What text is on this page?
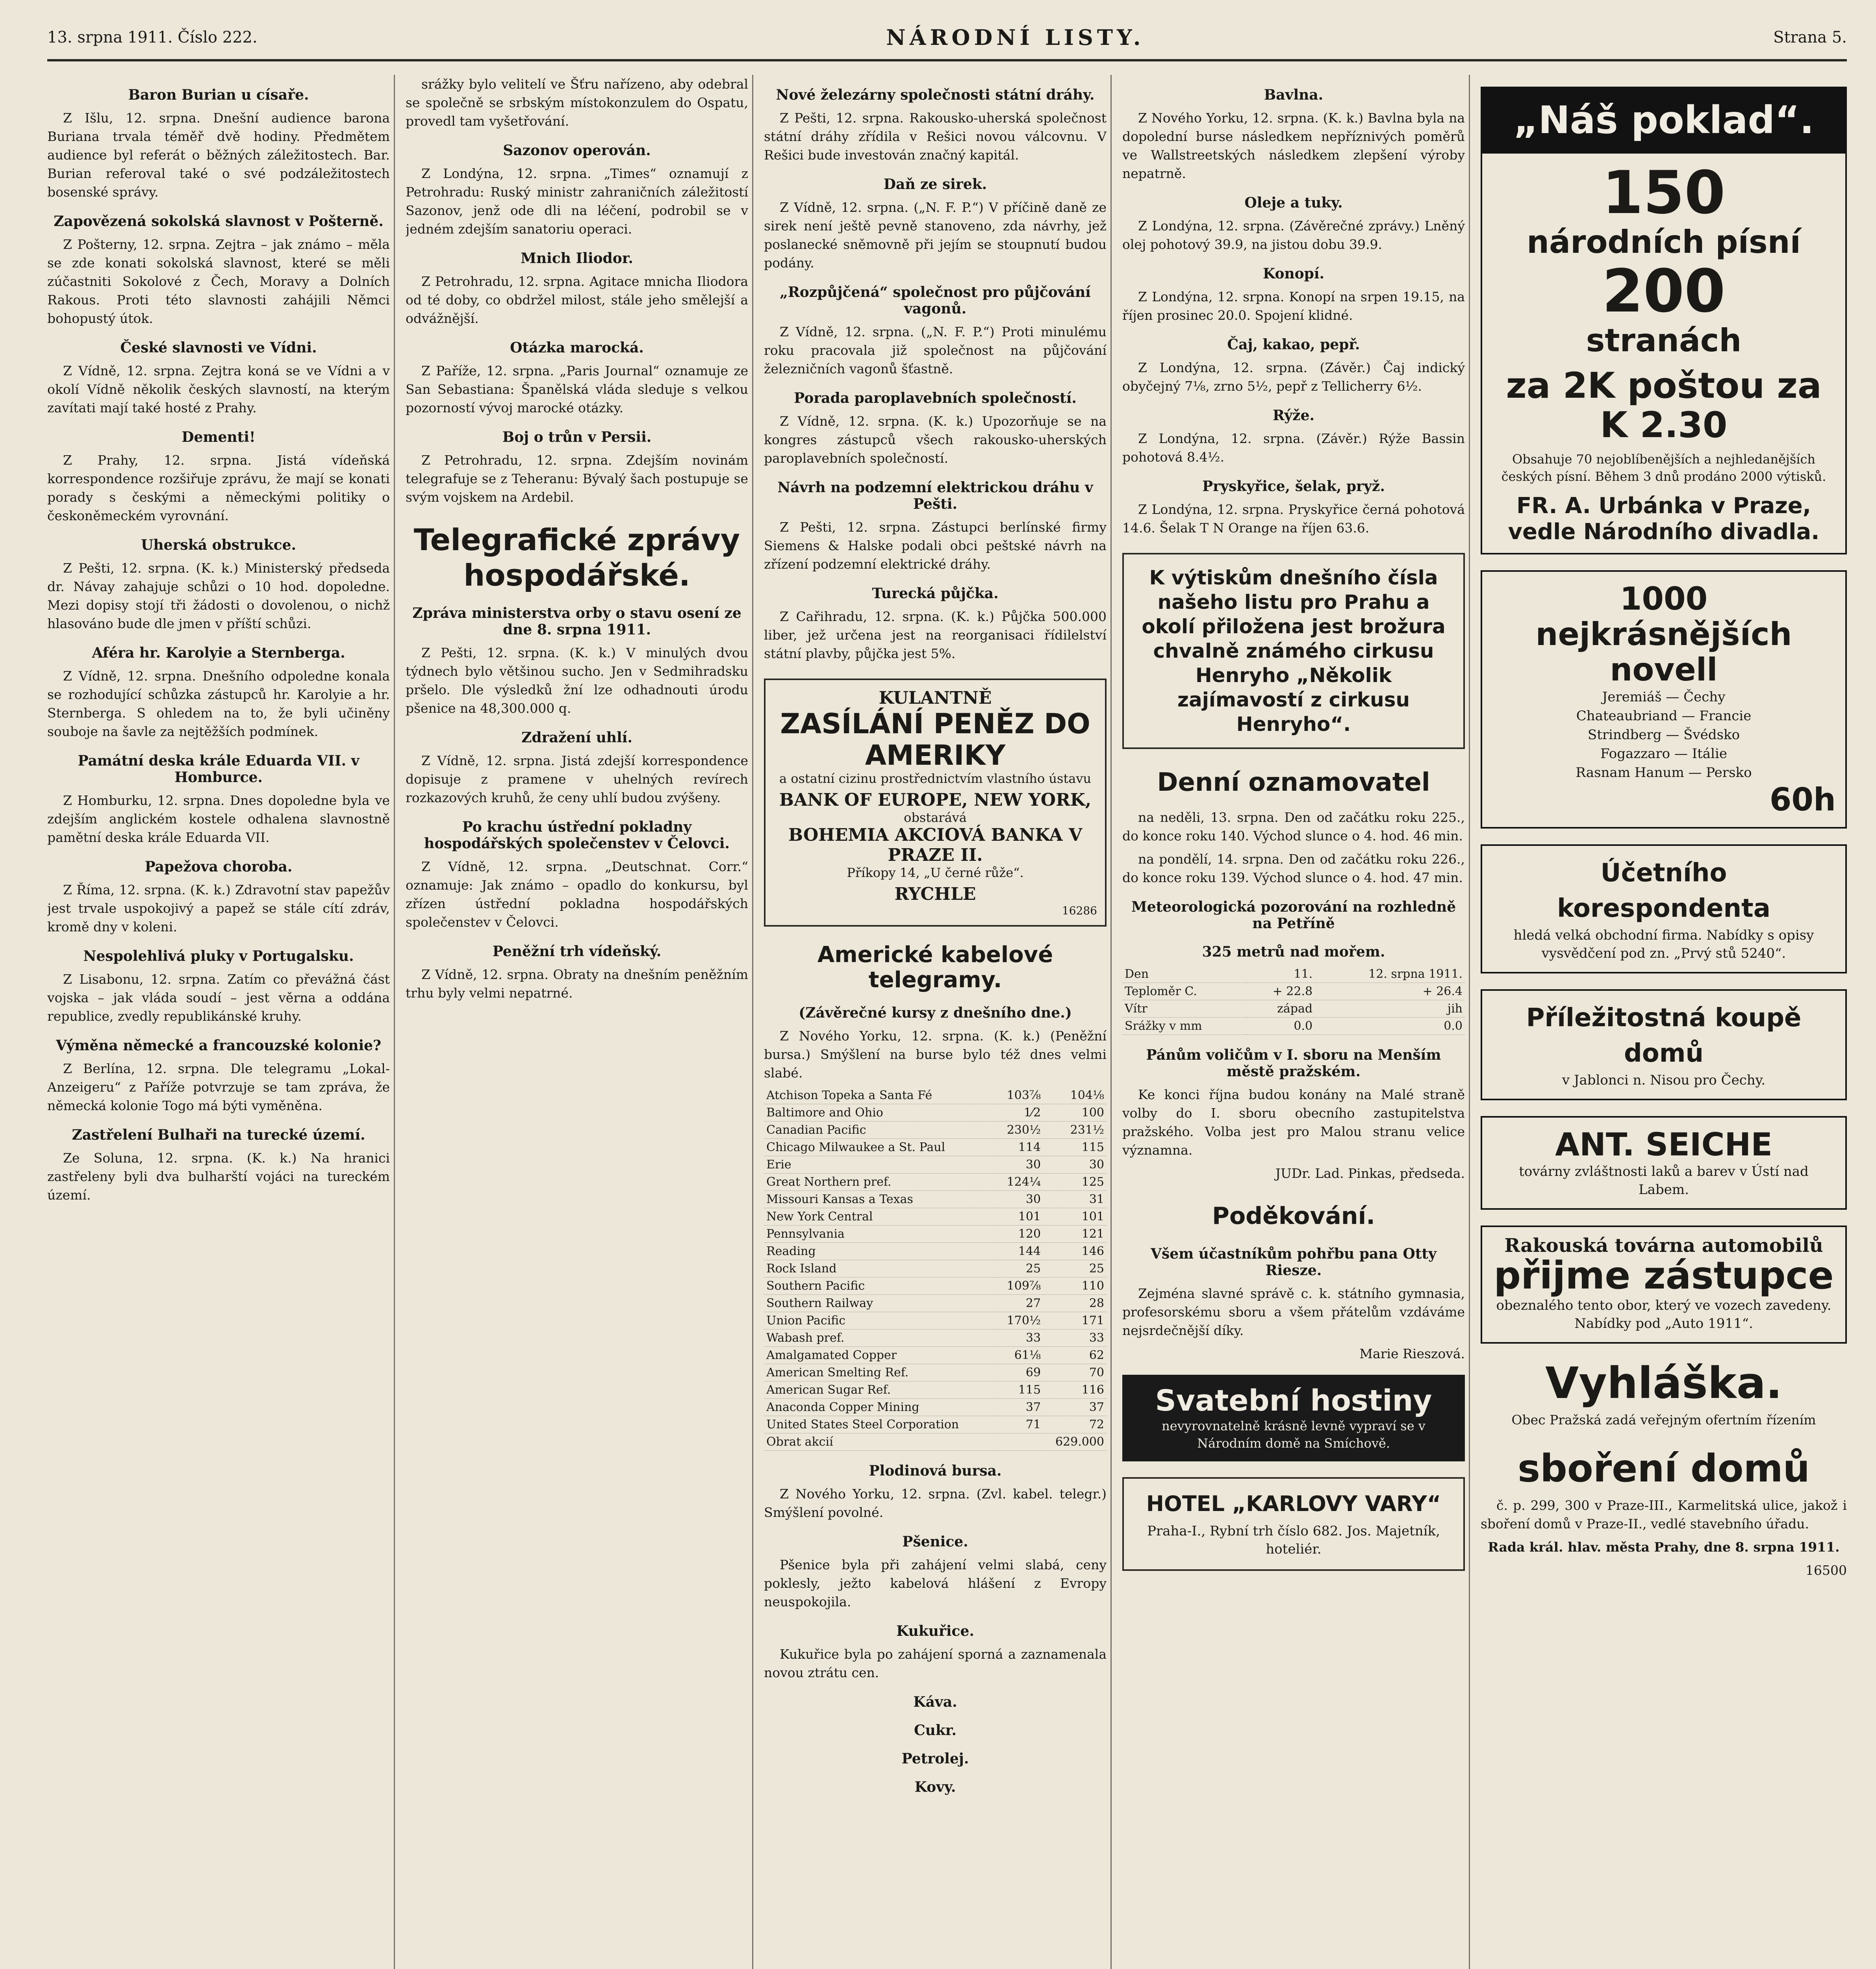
13. srpna 1911. Číslo 222.	NÁRODNÍ LISTY.	Strana 5.
Baron Burian u císaře.

Z Išlu, 12. srpna. Dnešní audience barona Buriana trvala téměř dvě hodiny. Předmětem audience byl referát o běžných záležitostech. Bar. Burian referoval také o své podzáležitostech bosenské správy.

Zapovězená sokolská slavnost v Pošterně.

Z Pošterny, 12. srpna. Zejtra – jak známo – měla se zde konati sokolská slavnost, které se měli zúčastniti Sokolové z Čech, Moravy a Dolních Rakous. Proti této slavnosti zahájili Němci bohopustý útok.

České slavnosti ve Vídni.

Z Vídně, 12. srpna. Zejtra koná se ve Vídni a v okolí Vídně několik českých slavností, na kterým zavítati mají také hosté z Prahy.

Dementi!

Z Prahy, 12. srpna. Jistá vídeňská korrespondence rozšiřuje zprávu, že mají se konati porady s českými a německými politiky o českoněmeckém vyrovnání.

Uherská obstrukce.

Z Pešti, 12. srpna. (K. k.) Ministerský předseda dr. Návay zahajuje schůzi o 10 hod. dopoledne. Mezi dopisy stojí tři žádosti o dovolenou, o nichž hlasováno bude dle jmen v příští schůzi.

Aféra hr. Karolyie a Sternberga.

Z Vídně, 12. srpna. Dnešního odpoledne konala se rozhodující schůzka zástupců hr. Karolyie a hr. Sternberga. S ohledem na to, že byli učiněny souboje na šavle za nejtěžších podmínek.

Památní deska krále Eduarda VII. v Homburce.

Z Homburku, 12. srpna. Dnes dopoledne byla ve zdejším anglickém kostele odhalena slavnostně pamětní deska krále Eduarda VII.

Papežova choroba.

Z Říma, 12. srpna. (K. k.) Zdravotní stav papežův jest trvale uspokojivý a papež se stále cítí zdráv, kromě dny v koleni.

Nespolehlivá pluky v Portugalsku.

Z Lisabonu, 12. srpna. Zatím co převážná část vojska – jak vláda soudí – jest věrna a oddána republice, zvedly republikánské kruhy.

Výměna německé a francouzské kolonie?

Z Berlína, 12. srpna. Dle telegramu „Lokal-Anzeigeru“ z Paříže potvrzuje se tam zpráva, že německá kolonie Togo má býti vyměněna.

Zastřelení Bulhaři na turecké území.

Ze Soluna, 12. srpna. (K. k.) Na hranici zastřeleny byli dva bulharští vojáci na tureckém území.

srážky bylo velitelí ve Šťru nařízeno, aby odebral se společně se srbským místokonzulem do Ospatu, provedl tam vyšetřování.

Sazonov operován.

Z Londýna, 12. srpna. „Times“ oznamují z Petrohradu: Ruský ministr zahraničních záležitostí Sazonov, jenž ode dli na léčení, podrobil se v jedném zdejším sanatoriu operaci.

Mnich Iliodor.

Z Petrohradu, 12. srpna. Agitace mnicha Iliodora od té doby, co obdržel milost, stále jeho smělejší a odvážnější.

Otázka marocká.

Z Paříže, 12. srpna. „Paris Journal“ oznamuje ze San Sebastiana: Španělská vláda sleduje s velkou pozorností vývoj marocké otázky.

Boj o trůn v Persii.

Z Petrohradu, 12. srpna. Zdejším novinám telegrafuje se z Teheranu: Bývalý šach postupuje se svým vojskem na Ardebil.

Telegrafické zprávy hospodářské.
Zpráva ministerstva orby o stavu osení ze dne 8. srpna 1911.

Z Pešti, 12. srpna. (K. k.) V minulých dvou týdnech bylo většinou sucho. Jen v Sedmihradsku pršelo. Dle výsledků žní lze odhadnouti úrodu pšenice na 48,300.000 q.

Zdražení uhlí.

Z Vídně, 12. srpna. Jistá zdejší korrespondence dopisuje z pramene v uhelných revírech rozkazových kruhů, že ceny uhlí budou zvýšeny.

Po krachu ústřední pokladny hospodářských společenstev v Čelovci.

Z Vídně, 12. srpna. „Deutschnat. Corr.“ oznamuje: Jak známo – opadlo do konkursu, byl zřízen ústřední pokladna hospodářských společenstev v Čelovci.

Peněžní trh vídeňský.

Z Vídně, 12. srpna. Obraty na dnešním peněžním trhu byly velmi nepatrné.

Nové železárny společnosti státní dráhy.

Z Pešti, 12. srpna. Rakousko-uherská společnost státní dráhy zřídila v Rešici novou válcovnu. V Rešici bude investován značný kapitál.

Daň ze sirek.

Z Vídně, 12. srpna. („N. F. P.“) V příčině daně ze sirek není ještě pevně stanoveno, zda návrhy, jež poslanecké sněmovně při jejím se stoupnutí budou podány.

„Rozpůjčená“ společnost pro půjčování vagonů.

Z Vídně, 12. srpna. („N. F. P.“) Proti minulému roku pracovala již společnost na půjčování železničních vagonů šťastně.

Porada paroplavebních společností.

Z Vídně, 12. srpna. (K. k.) Upozorňuje se na kongres zástupců všech rakousko-uherských paroplavebních společností.

Návrh na podzemní elektrickou dráhu v Pešti.

Z Pešti, 12. srpna. Zástupci berlínské firmy Siemens & Halske podali obci peštské návrh na zřízení podzemní elektrické dráhy.

Turecká půjčka.

Z Cařihradu, 12. srpna. (K. k.) Půjčka 500.000 liber, jež určena jest na reorganisaci řídilelství státní plavby, půjčka jest 5%.

KULANTNĚ
ZASÍLÁNÍ PENĚZ DO AMERIKY
a ostatní cizinu prostřednictvím vlastního ústavu
BANK OF EUROPE, NEW YORK,
obstarává
BOHEMIA AKCIOVÁ BANKA V PRAZE II.
Příkopy 14, „U černé růže“.
RYCHLE
16286
Americké kabelové telegramy.
(Závěrečné kursy z dnešního dne.)

Z Nového Yorku, 12. srpna. (K. k.) (Peněžní bursa.) Smýšlení na burse bylo též dnes velmi slabé.

Atchison Topeka a Santa Fé	103⅞	104⅛
Baltimore and Ohio	1⁄2	100
Canadian Pacific	230½	231½
Chicago Milwaukee a St. Paul	114	115
Erie	30	30
Great Northern pref.	124¼	125
Missouri Kansas a Texas	30	31
New York Central	101	101
Pennsylvania	120	121
Reading	144	146
Rock Island	25	25
Southern Pacific	109⅞	110
Southern Railway	27	28
Union Pacific	170½	171
Wabash pref.	33	33
Amalgamated Copper	61⅛	62
American Smelting Ref.	69	70
American Sugar Ref.	115	116
Anaconda Copper Mining	37	37
United States Steel Corporation	71	72
Obrat akcií		629.000
Plodinová bursa.

Z Nového Yorku, 12. srpna. (Zvl. kabel. telegr.) Smýšlení povolné.

Pšenice.

Pšenice byla při zahájení velmi slabá, ceny poklesly, ježto kabelová hlášení z Evropy neuspokojila.

Kukuřice.

Kukuřice byla po zahájení sporná a zaznamenala novou ztrátu cen.

Káva.
Cukr.
Petrolej.
Kovy.
Bavlna.

Z Nového Yorku, 12. srpna. (K. k.) Bavlna byla na dopolední burse následkem nepříznivých poměrů ve Wallstreetských následkem zlepšení výroby nepatrně.

Oleje a tuky.

Z Londýna, 12. srpna. (Závěrečné zprávy.) Lněný olej pohotový 39.9, na jistou dobu 39.9.

Konopí.

Z Londýna, 12. srpna. Konopí na srpen 19.15, na říjen prosinec 20.0. Spojení klidné.

Čaj, kakao, pepř.

Z Londýna, 12. srpna. (Závěr.) Čaj indický obyčejný 7⅛, zrno 5½, pepř z Tellicherry 6½.

Rýže.

Z Londýna, 12. srpna. (Závěr.) Rýže Bassin pohotová 8.4½.

Pryskyřice, šelak, pryž.

Z Londýna, 12. srpna. Pryskyřice černá pohotová 14.6. Šelak T N Orange na říjen 63.6.

K výtiskům dnešního čísla našeho listu pro Prahu a okolí přiložena jest brožura chvalně známého cirkusu Henryho „Několik zajímavostí z cirkusu Henryho“.
Denní oznamovatel

na neděli, 13. srpna. Den od začátku roku 225., do konce roku 140. Východ slunce o 4. hod. 46 min.

na pondělí, 14. srpna. Den od začátku roku 226., do konce roku 139. Východ slunce o 4. hod. 47 min.

Meteorologická pozorování na rozhledně na Petříně
325 metrů nad mořem.
Den	11.	12. srpna 1911.
Teploměr C.	+ 22.8	+ 26.4
Vítr	západ	jih
Srážky v mm	0.0	0.0
Pánům voličům v I. sboru na Menším městě pražském.

Ke konci října budou konány na Malé straně volby do I. sboru obecního zastupitelstva pražského. Volba jest pro Malou stranu velice významna.

JUDr. Lad. Pinkas, předseda.

Poděkování.
Všem účastníkům pohřbu pana Otty Riesze.

Zejména slavné správě c. k. státního gymnasia, profesorskému sboru a všem přátelům vzdáváme nejsrdečnější díky.

Marie Rieszová.

Svatební hostiny
nevyrovnatelně krásně levně vypraví se v Národním domě na Smíchově.
HOTEL „KARLOVY VARY“
Praha-I., Rybní trh číslo 682. Jos. Majetník, hoteliér.
„Náš poklad“.
150
národních písní
200
stranách
za 2K poštou za K 2.30
Obsahuje 70 nejoblíbenějších a nejhledanějších českých písní. Během 3 dnů prodáno 2000 výtisků.
FR. A. Urbánka v Praze, vedle Národního divadla.
1000 nejkrásnějších novell
Jeremiáš — Čechy
Chateaubriand — Francie
Strindberg — Švédsko
Fogazzaro — Itálie
Rasnam Hanum — Persko
60h
Účetního korespondenta
hledá velká obchodní firma. Nabídky s opisy vysvědčení pod zn. „Prvý stů 5240“.
Příležitostná koupě domů
v Jablonci n. Nisou pro Čechy.
ANT. SEICHE
továrny zvláštnosti laků a barev v Ústí nad Labem.
Rakouská továrna automobilů
přijme zástupce
obeznalého tento obor, který ve vozech zavedeny. Nabídky pod „Auto 1911“.
Vyhláška.

Obec Pražská zadá veřejným ofertním řízením

sboření domů

č. p. 299, 300 v Praze-III., Karmelitská ulice, jakož i sboření domů v Praze-II., vedlé stavebního úřadu.

Rada král. hlav. města Prahy, dne 8. srpna 1911.

16500
